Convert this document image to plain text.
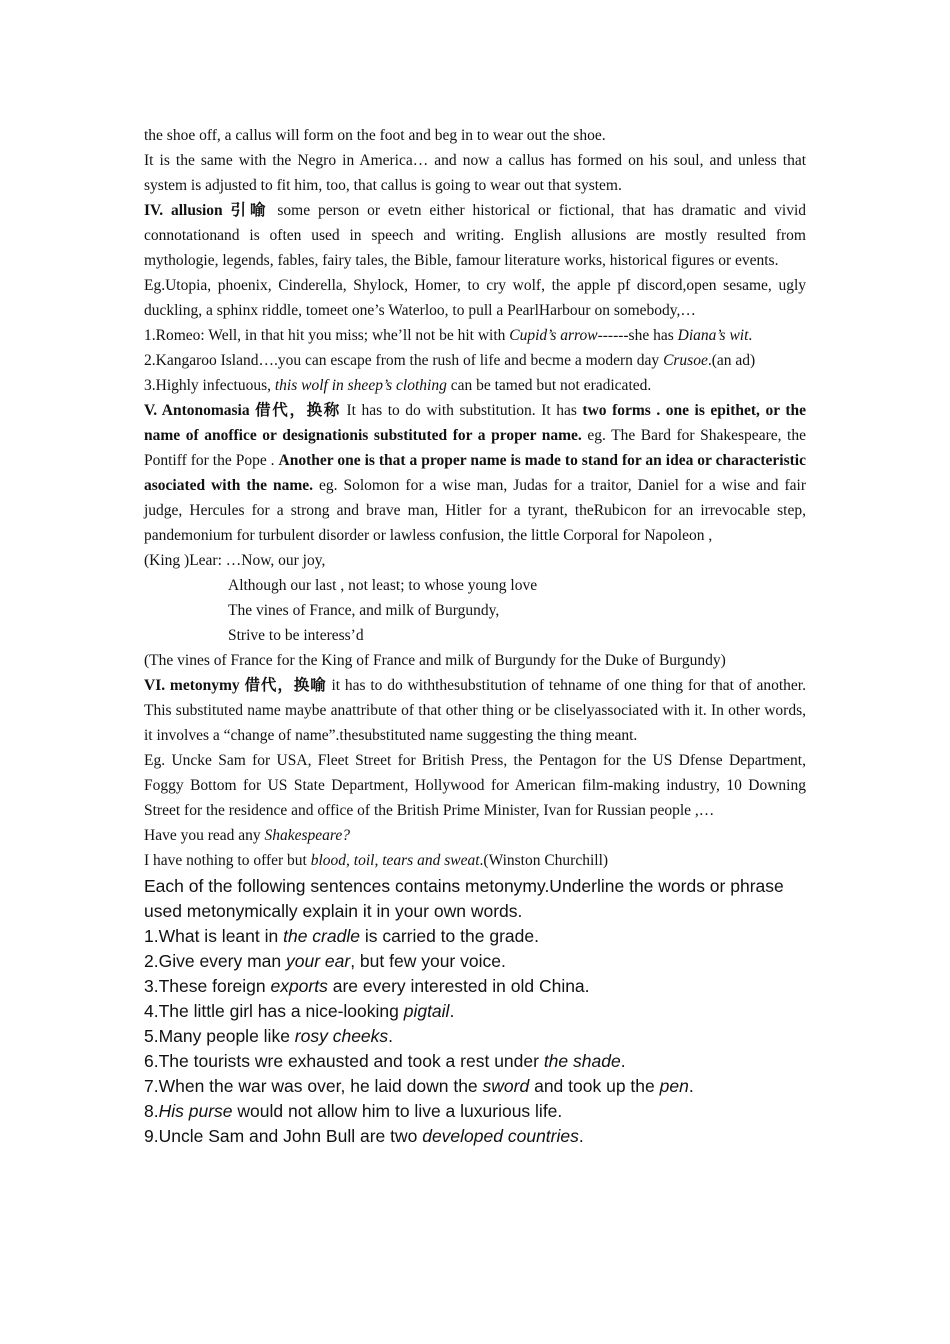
the shoe off, a callus will form on the foot and beg in to wear out the shoe.

It is the same with the Negro in America… and now a callus has formed on his soul, and unless that system is adjusted to fit him, too, that callus is going to wear out that system.

IV. allusion 引喻 some person or evetn either historical or fictional, that has dramatic and vivid connotationand is often used in speech and writing. English allusions are mostly resulted from mythologie, legends, fables, fairy tales, the Bible, famour literature works, historical figures or events.

Eg.Utopia, phoenix, Cinderella, Shylock, Homer, to cry wolf, the apple pf discord,open sesame, ugly duckling, a sphinx riddle, tomeet one’s Waterloo, to pull a PearlHarbour on somebody,…

1.Romeo: Well, in that hit you miss; whe’ll not be hit with Cupid’s arrow------she has Diana’s wit.

2.Kangaroo Island….you can escape from the rush of life and becme a modern day Crusoe.(an ad)

3.Highly infectuous, this wolf in sheep’s clothing can be tamed but not eradicated.

V. Antonomasia 借代，换称 It has to do with substitution. It has two forms . one is epithet, or the name of anoffice or designationis substituted for a proper name. eg. The Bard for Shakespeare, the Pontiff for the Pope . Another one is that a proper name is made to stand for an idea or characteristic asociated with the name. eg. Solomon for a wise man, Judas for a traitor, Daniel for a wise and fair judge, Hercules for a strong and brave man, Hitler for a tyrant, theRubicon for an irrevocable step, pandemonium for turbulent disorder or lawless confusion, the little Corporal for Napoleon ,

(King )Lear: …Now, our joy,

Although our last , not least; to whose young love

The vines of France, and milk of Burgundy,

Strive to be interess’d

(The vines of France for the King of France and milk of Burgundy for the Duke of Burgundy)

VI. metonymy 借代，换喻 it has to do withthesubstitution of tehname of one thing for that of another. This substituted name maybe anattribute of that other thing or be cliselyassociated with it. In other words, it involves a “change of name”.thesubstituted name suggesting the thing meant.

Eg. Uncke Sam for USA, Fleet Street for British Press, the Pentagon for the US Dfense Department, Foggy Bottom for US State Department, Hollywood for American film-making industry, 10 Downing Street for the residence and office of the British Prime Minister, Ivan for Russian people ,…

Have you read any Shakespeare?

I have nothing to offer but blood, toil, tears and sweat.(Winston Churchill)

Each of the following sentences contains metonymy.Underline the words or phrase used metonymically explain it in your own words.

1.What is leant in the cradle is carried to the grade.

2.Give every man your ear, but few your voice.

3.These foreign exports are every interested in old China.

4.The little girl has a nice-looking pigtail.

5.Many people like rosy cheeks.

6.The tourists wre exhausted and took a rest under the shade.

7.When the war was over, he laid down the sword and took up the pen.

8.His purse would not allow him to live a luxurious life.

9.Uncle Sam and John Bull are two developed countries.
